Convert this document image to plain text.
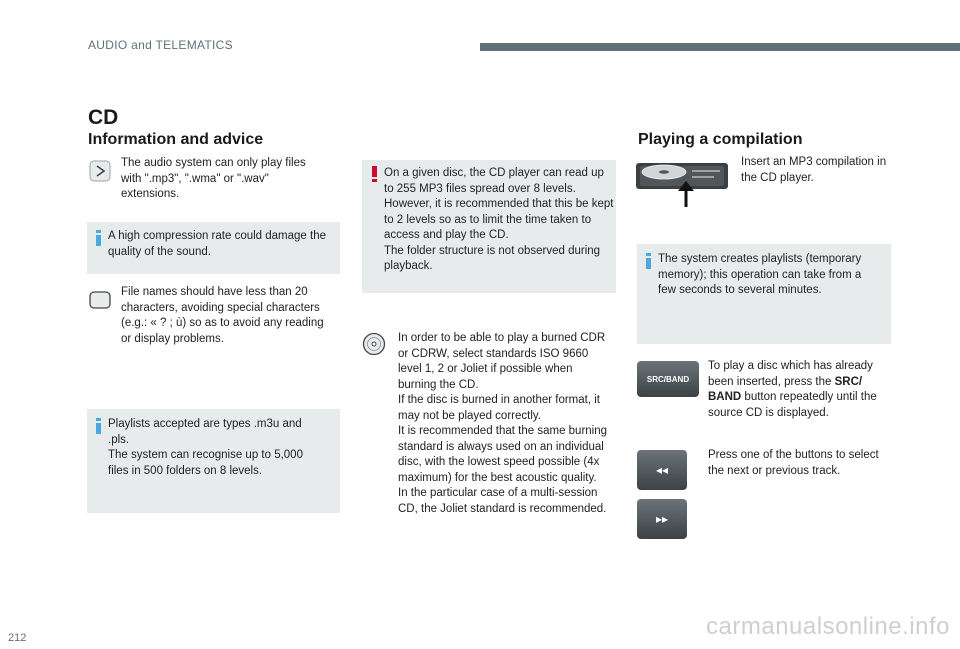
AUDIO and TELEMATICS
CD
Information and advice

The audio system can only play files with ".mp3", ".wma" or ".wav" extensions.

A high compression rate could damage the quality of the sound.

File names should have less than 20 characters, avoiding special characters (e.g.: « ? ; ù) so as to avoid any reading or display problems.

Playlists accepted are types .m3u and .pls.
The system can recognise up to 5,000 files in 500 folders on 8 levels.

On a given disc, the CD player can read up to 255 MP3 files spread over 8 levels. However, it is recommended that this be kept to 2 levels so as to limit the time taken to access and play the CD.
The folder structure is not observed during playback.

In order to be able to play a burned CDR or CDRW, select standards ISO 9660 level 1, 2 or Joliet if possible when burning the CD.
If the disc is burned in another format, it may not be played correctly.
It is recommended that the same burning standard is always used on an individual disc, with the lowest speed possible (4x maximum) for the best acoustic quality.
In the particular case of a multi-session CD, the Joliet standard is recommended.

Playing a compilation

Insert an MP3 compilation in the CD player.

The system creates playlists (temporary memory); this operation can take from a few seconds to several minutes.

SRC/BAND

To play a disc which has already been inserted, press the SRC/ BAND button repeatedly until the source CD is displayed.

Press one of the buttons to select the next or previous track.

◂◂
▸▸
212	carmanualsonline.info
